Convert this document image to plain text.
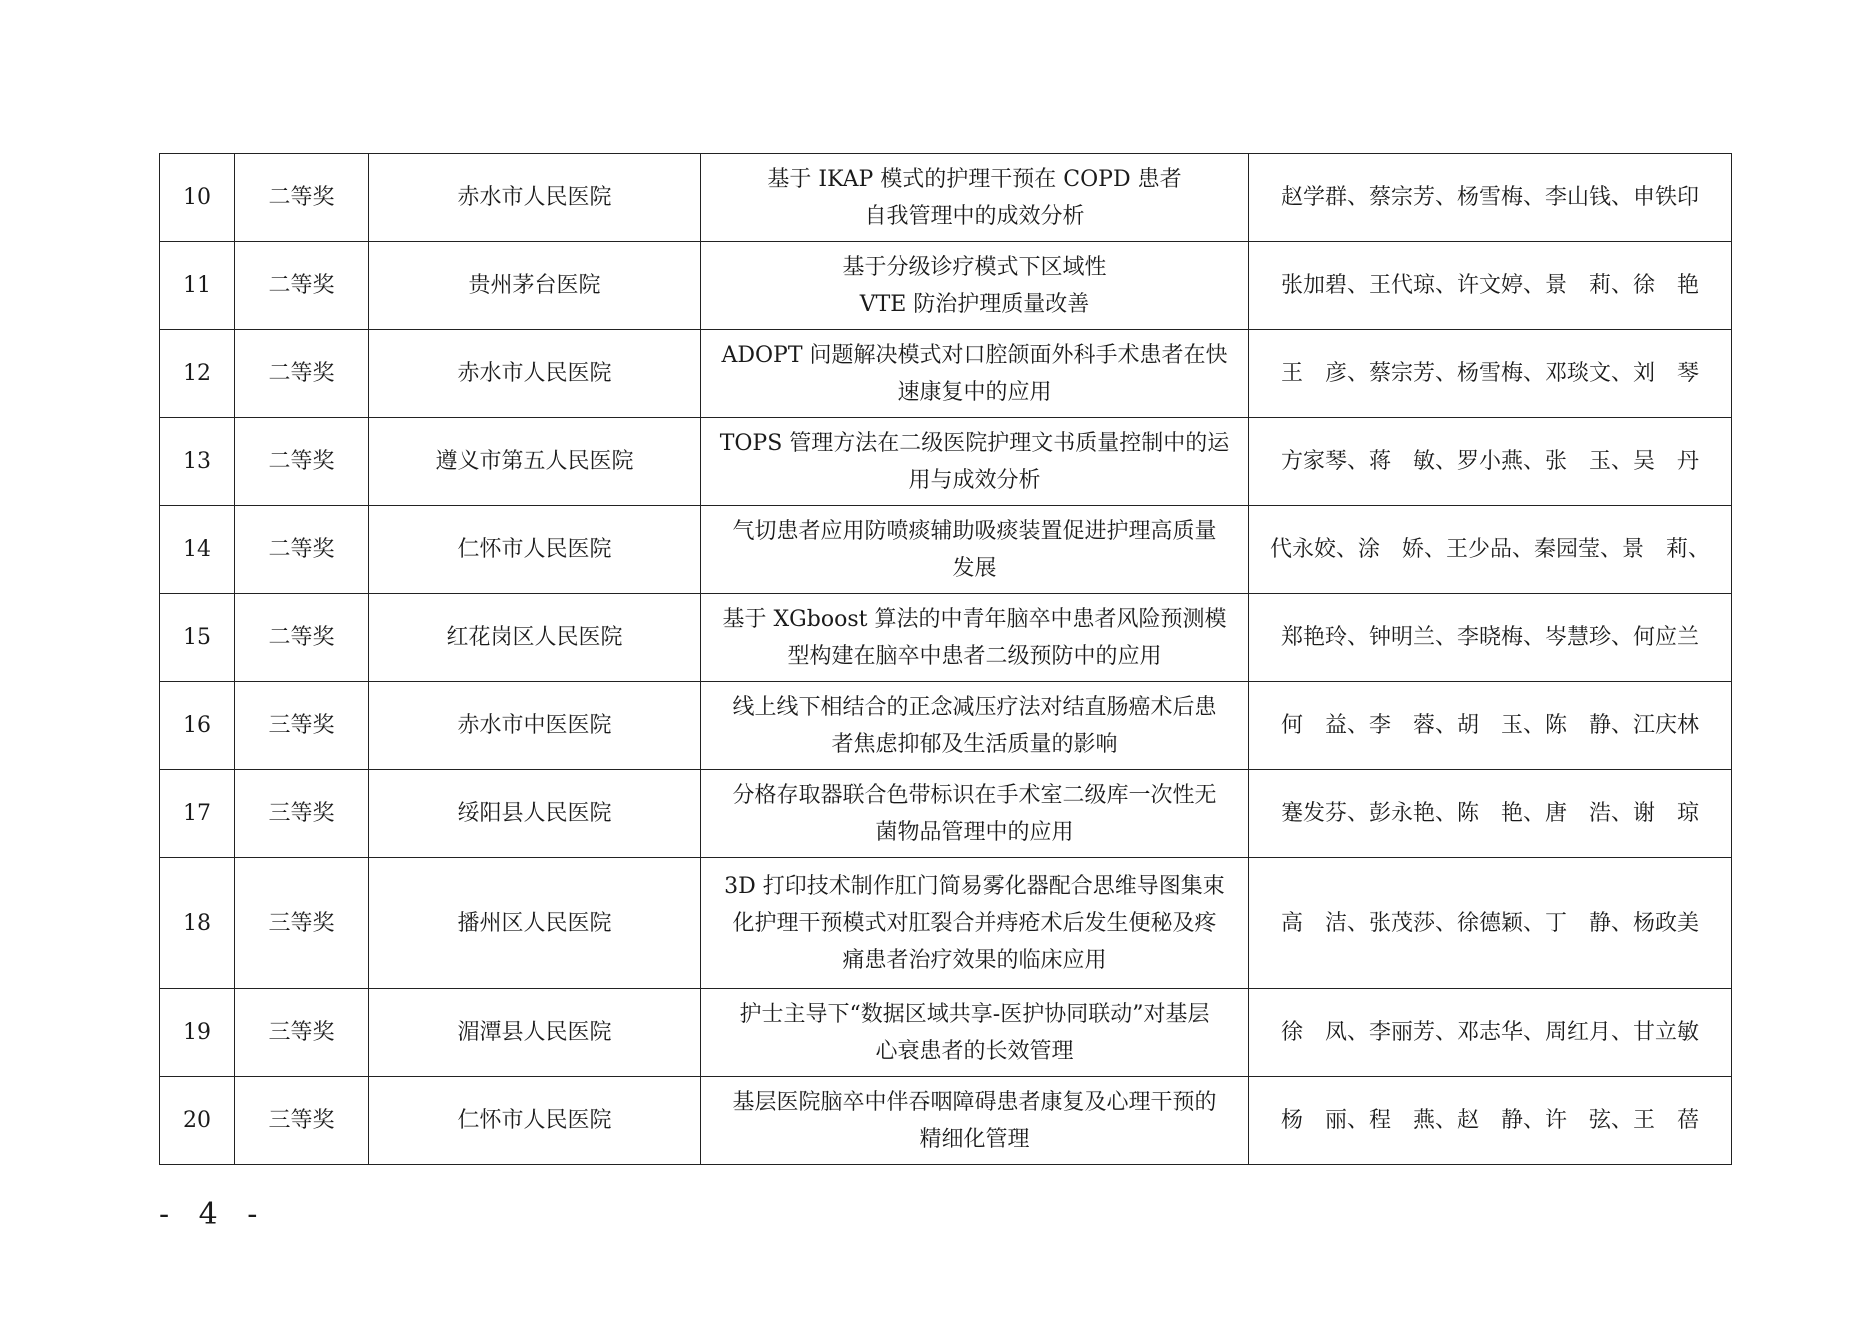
10	二等奖	赤水市人民医院	基于 IKAP 模式的护理干预在 COPD 患者
自我管理中的成效分析	赵学群、蔡宗芳、杨雪梅、李山钱、申铁印
11	二等奖	贵州茅台医院	基于分级诊疗模式下区域性
VTE 防治护理质量改善	张加碧、王代琼、许文婷、景　莉、徐　艳
12	二等奖	赤水市人民医院	ADOPT 问题解决模式对口腔颌面外科手术患者在快
速康复中的应用	王　彦、蔡宗芳、杨雪梅、邓琰文、刘　琴
13	二等奖	遵义市第五人民医院	TOPS 管理方法在二级医院护理文书质量控制中的运
用与成效分析	方家琴、蒋　敏、罗小燕、张　玉、吴　丹
14	二等奖	仁怀市人民医院	气切患者应用防喷痰辅助吸痰装置促进护理高质量
发展	代永姣、涂　娇、王少品、秦园莹、景　莉、
15	二等奖	红花岗区人民医院	基于 XGboost 算法的中青年脑卒中患者风险预测模
型构建在脑卒中患者二级预防中的应用	郑艳玲、钟明兰、李晓梅、岑慧珍、何应兰
16	三等奖	赤水市中医医院	线上线下相结合的正念减压疗法对结直肠癌术后患
者焦虑抑郁及生活质量的影响	何　益、李　蓉、胡　玉、陈　静、江庆林
17	三等奖	绥阳县人民医院	分格存取器联合色带标识在手术室二级库一次性无
菌物品管理中的应用	蹇发芬、彭永艳、陈　艳、唐　浩、谢　琼
18	三等奖	播州区人民医院	3D 打印技术制作肛门简易雾化器配合思维导图集束
化护理干预模式对肛裂合并痔疮术后发生便秘及疼
痛患者治疗效果的临床应用	高　洁、张茂莎、徐德颖、丁　静、杨政美
19	三等奖	湄潭县人民医院	护士主导下“数据区域共享-医护协同联动”对基层
心衰患者的长效管理	徐　凤、李丽芳、邓志华、周红月、甘立敏
20	三等奖	仁怀市人民医院	基层医院脑卒中伴吞咽障碍患者康复及心理干预的
精细化管理	杨　丽、程　燕、赵　静、许　弦、王　蓓
- 4 -
